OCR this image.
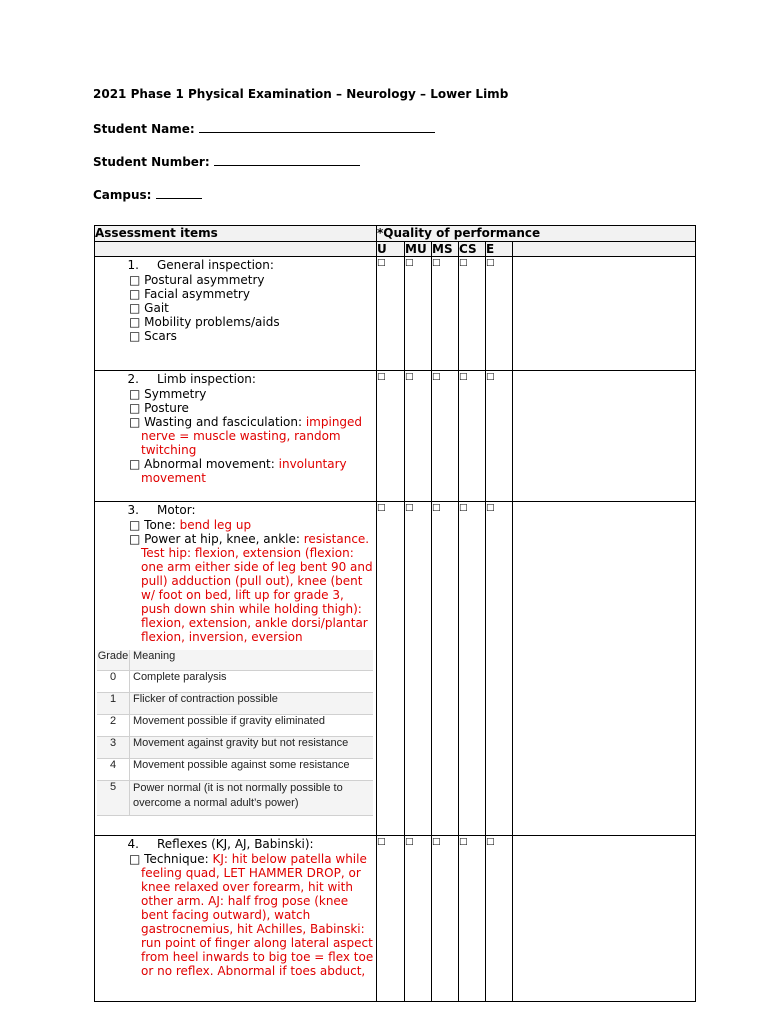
2021 Phase 1 Physical Examination – Neurology – Lower Limb
Student Name:
Student Number:
Campus:
Assessment items	*Quality of performance
	U	MU	MS	CS	E	

1. General inspection:
□ Postural asymmetry
□ Facial asymmetry
□ Gait
□ Mobility problems/aids
□ Scars
	□	□	□	□	□	

2. Limb inspection:
□ Symmetry
□ Posture
□ Wasting and fasciculation: impinged nerve = muscle wasting, random twitching
□ Abnormal movement: involuntary movement
	□	□	□	□	□	

3. Motor:
□ Tone: bend leg up
□ Power at hip, knee, ankle: resistance. Test hip: flexion, extension (flexion: one arm either side of leg bent 90 and pull) adduction (pull out), knee (bent w/ foot on bed, lift up for grade 3, push down shin while holding thigh): flexion, extension, ankle dorsi/plantar flexion, inversion, eversion
Grade	Meaning
0	Complete paralysis
1	Flicker of contraction possible
2	Movement possible if gravity eliminated
3	Movement against gravity but not resistance
4	Movement possible against some resistance
5	Power normal (it is not normally possible to overcome a normal adult’s power)
	□	□	□	□	□	

4. Reflexes (KJ, AJ, Babinski):
□ Technique: KJ: hit below patella while feeling quad, LET HAMMER DROP, or knee relaxed over forearm, hit with other arm. AJ: half frog pose (knee bent facing outward), watch gastrocnemius, hit Achilles, Babinski: run point of finger along lateral aspect from heel inwards to big toe = flex toe or no reflex. Abnormal if toes abduct,
	□	□	□	□	□	
